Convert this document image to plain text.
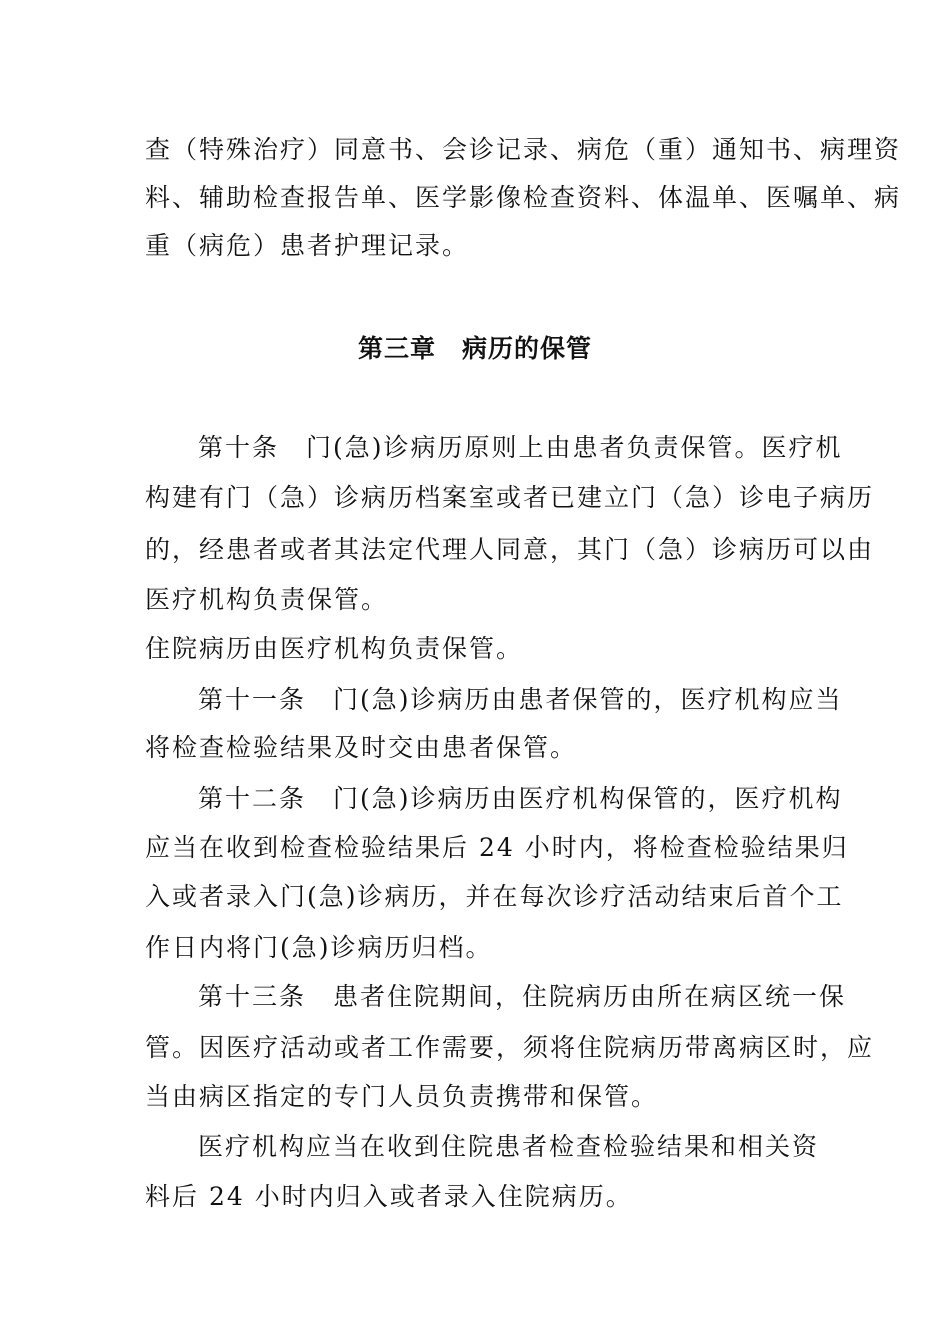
查（特殊治疗）同意书、会诊记录、病危（重）通知书、病理资

料、辅助检查报告单、医学影像检查资料、体温单、医嘱单、病

重（病危）患者护理记录。

第三章　病历的保管

第十条　门(急)诊病历原则上由患者负责保管。医疗机

构建有门（急）诊病历档案室或者已建立门（急）诊电子病历

的，经患者或者其法定代理人同意，其门（急）诊病历可以由

医疗机构负责保管。

住院病历由医疗机构负责保管。

第十一条　门(急)诊病历由患者保管的，医疗机构应当

将检查检验结果及时交由患者保管。

第十二条　门(急)诊病历由医疗机构保管的，医疗机构

应当在收到检查检验结果后 24 小时内，将检查检验结果归

入或者录入门(急)诊病历，并在每次诊疗活动结束后首个工

作日内将门(急)诊病历归档。

第十三条　患者住院期间，住院病历由所在病区统一保

管。因医疗活动或者工作需要，须将住院病历带离病区时，应

当由病区指定的专门人员负责携带和保管。

医疗机构应当在收到住院患者检查检验结果和相关资

料后 24 小时内归入或者录入住院病历。
